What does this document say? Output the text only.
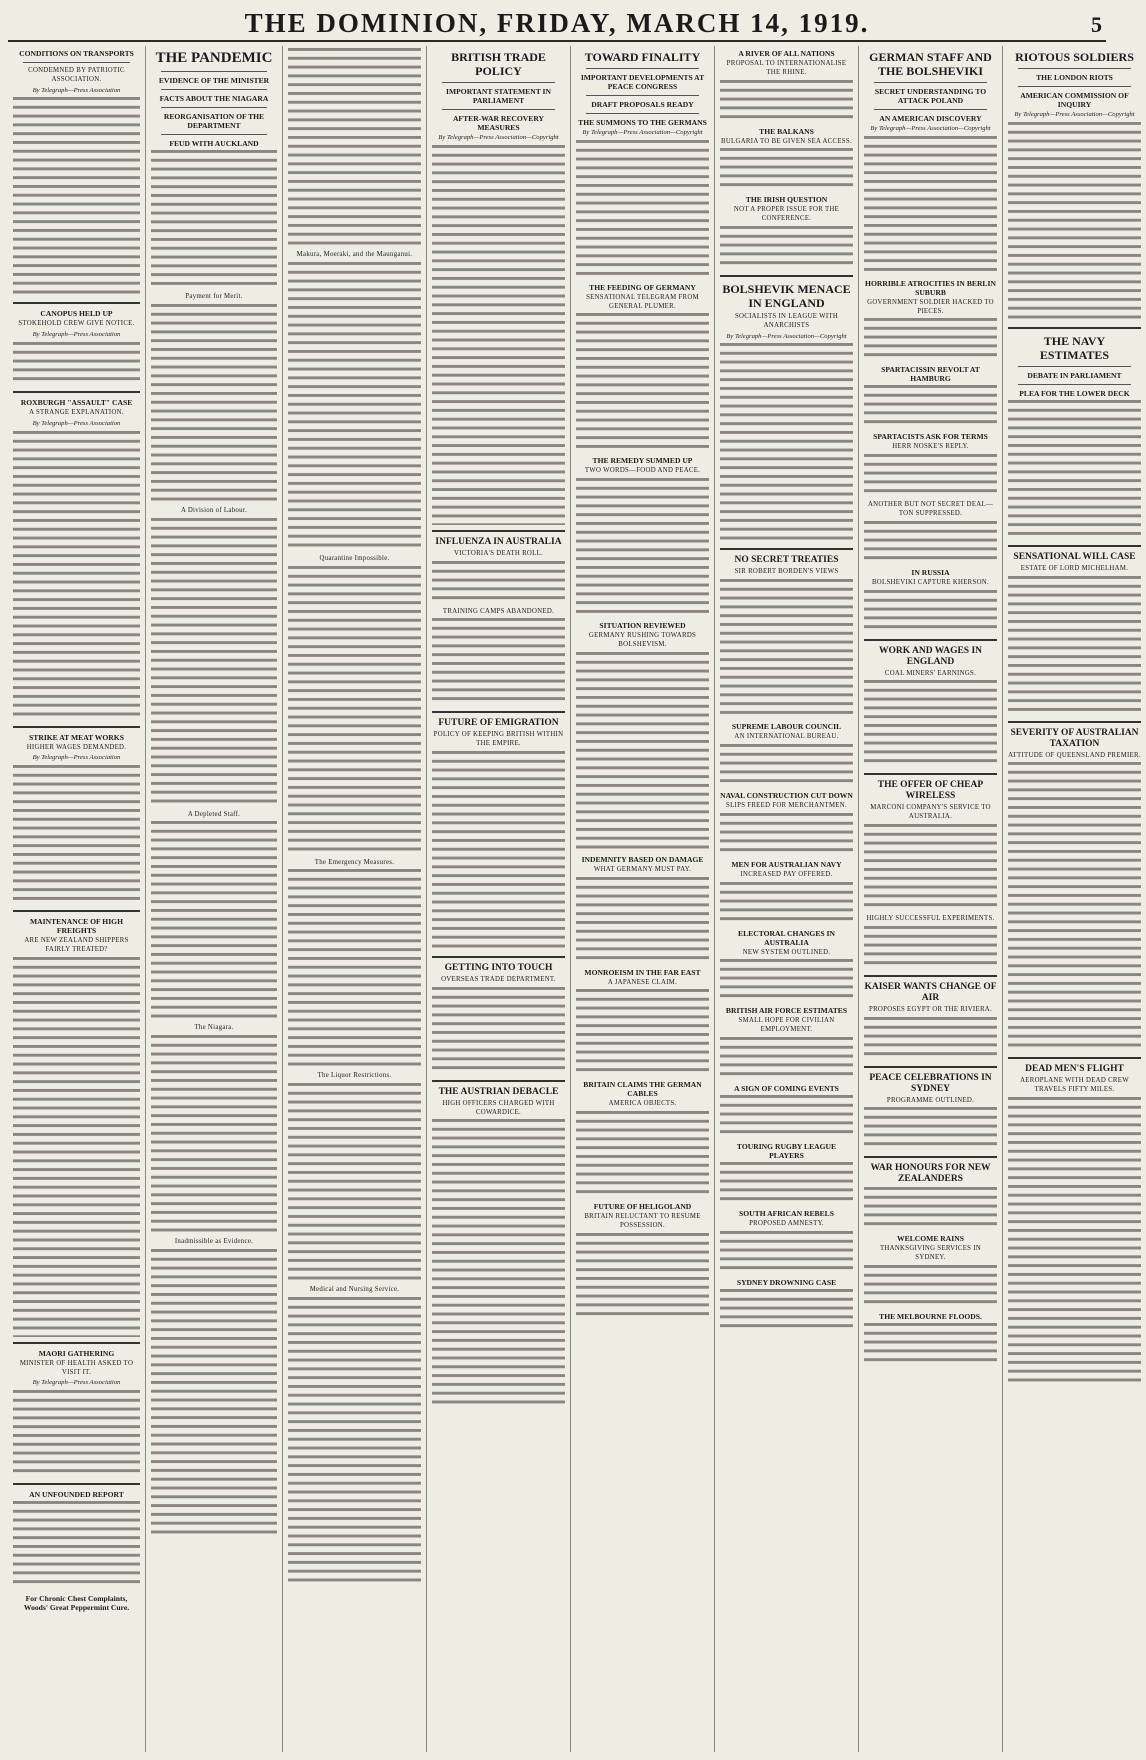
THE DOMINION, FRIDAY, MARCH 14, 1919.	5
CONDITIONS ON TRANSPORTS
CONDEMNED BY PATRIOTIC ASSOCIATION.
By Telegraph—Press Association
CANOPUS HELD UP
STOKEHOLD CREW GIVE NOTICE.
By Telegraph—Press Association
ROXBURGH "ASSAULT" CASE
A STRANGE EXPLANATION.
By Telegraph—Press Association
STRIKE AT MEAT WORKS
HIGHER WAGES DEMANDED.
By Telegraph—Press Association
MAINTENANCE OF HIGH FREIGHTS
ARE NEW ZEALAND SHIPPERS FAIRLY TREATED?
MAORI GATHERING
MINISTER OF HEALTH ASKED TO VISIT IT.
By Telegraph—Press Association
AN UNFOUNDED REPORT
For Chronic Chest Complaints, Woods' Great Peppermint Cure.
THE PANDEMIC
EVIDENCE OF THE MINISTER
FACTS ABOUT THE NIAGARA
REORGANISATION OF THE DEPARTMENT
FEUD WITH AUCKLAND
Payment for Merit.
A Division of Labour.
A Depleted Staff.
The Niagara.
Inadmissible as Evidence.
Makura, Moeraki, and the Maunganui.
Quarantine Impossible.
The Emergency Measures.
The Liquor Restrictions.
Medical and Nursing Service.
BRITISH TRADE POLICY
IMPORTANT STATEMENT IN PARLIAMENT
AFTER-WAR RECOVERY MEASURES
By Telegraph—Press Association—Copyright
INFLUENZA IN AUSTRALIA
VICTORIA'S DEATH ROLL.
TRAINING CAMPS ABANDONED.
FUTURE OF EMIGRATION
POLICY OF KEEPING BRITISH WITHIN THE EMPIRE.
GETTING INTO TOUCH
OVERSEAS TRADE DEPARTMENT.
THE AUSTRIAN DEBACLE
HIGH OFFICERS CHARGED WITH COWARDICE.
TOWARD FINALITY
IMPORTANT DEVELOPMENTS AT PEACE CONGRESS
DRAFT PROPOSALS READY
THE SUMMONS TO THE GERMANS
By Telegraph—Press Association—Copyright
THE FEEDING OF GERMANY
SENSATIONAL TELEGRAM FROM GENERAL PLUMER.
THE REMEDY SUMMED UP
TWO WORDS—FOOD AND PEACE.
SITUATION REVIEWED
GERMANY RUSHING TOWARDS BOLSHEVISM.
INDEMNITY BASED ON DAMAGE
WHAT GERMANY MUST PAY.
MONROEISM IN THE FAR EAST
A JAPANESE CLAIM.
BRITAIN CLAIMS THE GERMAN CABLES
AMERICA OBJECTS.
FUTURE OF HELIGOLAND
BRITAIN RELUCTANT TO RESUME POSSESSION.
A RIVER OF ALL NATIONS
PROPOSAL TO INTERNATIONALISE THE RHINE.
THE BALKANS
BULGARIA TO BE GIVEN SEA ACCESS.
THE IRISH QUESTION
NOT A PROPER ISSUE FOR THE CONFERENCE.
BOLSHEVIK MENACE IN ENGLAND
SOCIALISTS IN LEAGUE WITH ANARCHISTS
By Telegraph—Press Association—Copyright
NO SECRET TREATIES
SIR ROBERT BORDEN'S VIEWS
SUPREME LABOUR COUNCIL
AN INTERNATIONAL BUREAU.
NAVAL CONSTRUCTION CUT DOWN
SLIPS FREED FOR MERCHANTMEN.
MEN FOR AUSTRALIAN NAVY
INCREASED PAY OFFERED.
ELECTORAL CHANGES IN AUSTRALIA
NEW SYSTEM OUTLINED.
BRITISH AIR FORCE ESTIMATES
SMALL HOPE FOR CIVILIAN EMPLOYMENT.
A SIGN OF COMING EVENTS
TOURING RUGBY LEAGUE PLAYERS
SOUTH AFRICAN REBELS
PROPOSED AMNESTY.
SYDNEY DROWNING CASE
GERMAN STAFF AND THE BOLSHEVIKI
SECRET UNDERSTANDING TO ATTACK POLAND
AN AMERICAN DISCOVERY
By Telegraph—Press Association—Copyright
HORRIBLE ATROCITIES IN BERLIN SUBURB
GOVERNMENT SOLDIER HACKED TO PIECES.
SPARTACISSIN REVOLT AT HAMBURG
SPARTACISTS ASK FOR TERMS
HERR NOSKE'S REPLY.
ANOTHER BUT NOT SECRET DEAL—TON SUPPRESSED.
IN RUSSIA
BOLSHEVIKI CAPTURE KHERSON.
WORK AND WAGES IN ENGLAND
COAL MINERS' EARNINGS.
THE OFFER OF CHEAP WIRELESS
MARCONI COMPANY'S SERVICE TO AUSTRALIA.
HIGHLY SUCCESSFUL EXPERIMENTS.
KAISER WANTS CHANGE OF AIR
PROPOSES EGYPT OR THE RIVIERA.
PEACE CELEBRATIONS IN SYDNEY
PROGRAMME OUTLINED.
WAR HONOURS FOR NEW ZEALANDERS
WELCOME RAINS
THANKSGIVING SERVICES IN SYDNEY.
THE MELBOURNE FLOODS.
RIOTOUS SOLDIERS
THE LONDON RIOTS
AMERICAN COMMISSION OF INQUIRY
By Telegraph—Press Association—Copyright
THE NAVY ESTIMATES
DEBATE IN PARLIAMENT
PLEA FOR THE LOWER DECK
SENSATIONAL WILL CASE
ESTATE OF LORD MICHELHAM.
SEVERITY OF AUSTRALIAN TAXATION
ATTITUDE OF QUEENSLAND PREMIER.
DEAD MEN'S FLIGHT
AEROPLANE WITH DEAD CREW TRAVELS FIFTY MILES.
